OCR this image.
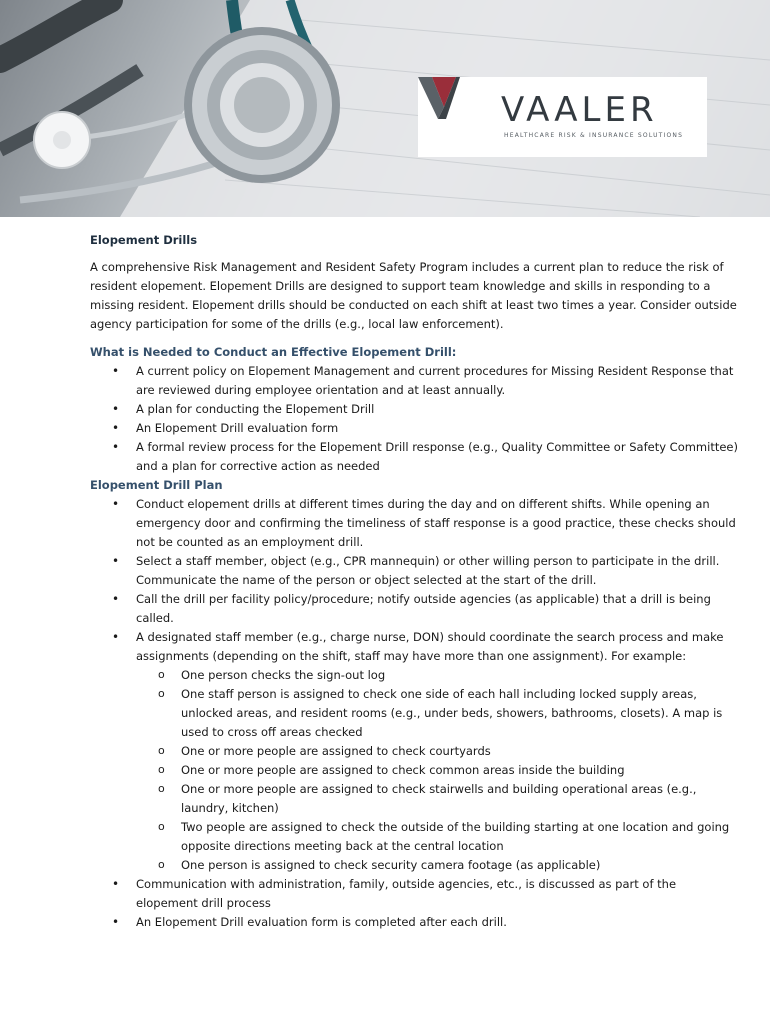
VAALER
HEALTHCARE RISK & INSURANCE SOLUTIONS
Elopement Drills

A comprehensive Risk Management and Resident Safety Program includes a current plan to reduce the risk of resident elopement. Elopement Drills are designed to support team knowledge and skills in responding to a missing resident. Elopement drills should be conducted on each shift at least two times a year. Consider outside agency participation for some of the drills (e.g., local law enforcement).

What is Needed to Conduct an Effective Elopement Drill:
• A current policy on Elopement Management and current procedures for Missing Resident Response that are reviewed during employee orientation and at least annually.
• A plan for conducting the Elopement Drill
• An Elopement Drill evaluation form
• A formal review process for the Elopement Drill response (e.g., Quality Committee or Safety Committee) and a plan for corrective action as needed
Elopement Drill Plan
• Conduct elopement drills at different times during the day and on different shifts. While opening an emergency door and confirming the timeliness of staff response is a good practice, these checks should not be counted as an employment drill.
• Select a staff member, object (e.g., CPR mannequin) or other willing person to participate in the drill. Communicate the name of the person or object selected at the start of the drill.
• Call the drill per facility policy/procedure; notify outside agencies (as applicable) that a drill is being called.
• A designated staff member (e.g., charge nurse, DON) should coordinate the search process and make assignments (depending on the shift, staff may have more than one assignment). For example:
o One person checks the sign-out log
o One staff person is assigned to check one side of each hall including locked supply areas, unlocked areas, and resident rooms (e.g., under beds, showers, bathrooms, closets). A map is used to cross off areas checked
o One or more people are assigned to check courtyards
o One or more people are assigned to check common areas inside the building
o One or more people are assigned to check stairwells and building operational areas (e.g., laundry, kitchen)
o Two people are assigned to check the outside of the building starting at one location and going opposite directions meeting back at the central location
o One person is assigned to check security camera footage (as applicable)
• Communication with administration, family, outside agencies, etc., is discussed as part of the elopement drill process
• An Elopement Drill evaluation form is completed after each drill.
